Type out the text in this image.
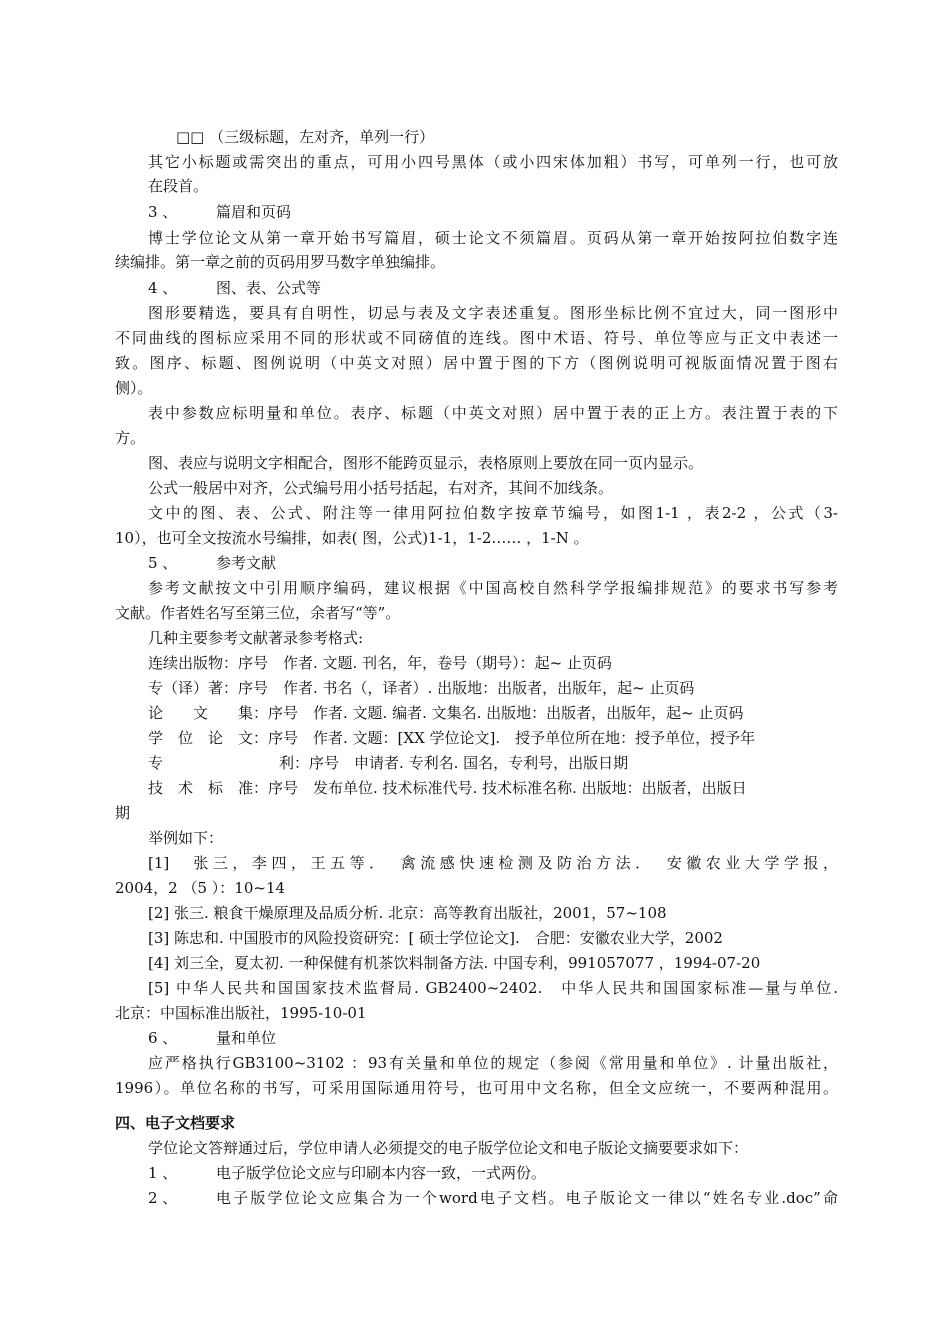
□□ （三级标题，左对齐，单列一行）
其它小标题或需突出的重点，可用小四号黑体（或小四宋体加粗）书写，可单列一行，也可放
在段首。
3 、	篇眉和页码
博士学位论文从第一章开始书写篇眉，硕士论文不须篇眉。页码从第一章开始按阿拉伯数字连
续编排。第一章之前的页码用罗马数字单独编排。
4 、	图、表、公式等
图形要精选，要具有自明性，切忌与表及文字表述重复。图形坐标比例不宜过大，同一图形中
不同曲线的图标应采用不同的形状或不同磅值的连线。图中术语、符号、单位等应与正文中表述一
致。图序、标题、图例说明（中英文对照）居中置于图的下方（图例说明可视版面情况置于图右
侧）。
表中参数应标明量和单位。表序、标题（中英文对照）居中置于表的正上方。表注置于表的下
方。
图、表应与说明文字相配合，图形不能跨页显示，表格原则上要放在同一页内显示。
公式一般居中对齐，公式编号用小括号括起，右对齐，其间不加线条。
文中的图、表、公式、附注等一律用阿拉伯数字按章节编号，如图1-1 ，表2-2 ，公式（3-
10），也可全文按流水号编排，如表( 图，公式)1-1，1-2…… ，1-N 。
5 、	参考文献
参考文献按文中引用顺序编码，建议根据《中国高校自然科学学报编排规范》的要求书写参考
文献。作者姓名写至第三位，余者写“等”。
几种主要参考文献著录参考格式:
连续出版物：序号　作者. 文题. 刊名，年，卷号（期号）：起~ 止页码
专（译）著：序号　作者. 书名（，译者）. 出版地：出版者，出版年，起~ 止页码
论　　文　　集：序号　作者. 文题. 编者. 文集名. 出版地：出版者，出版年，起~ 止页码
学　位　论　文：序号　作者. 文题：[XX 学位论文].　授予单位所在地：授予单位，授予年
专	利：序号　申请者. 专利名. 国名，专利号，出版日期
技　术　标　准：序号　发布单位. 技术标准代号. 技术标准名称. 出版地：出版者，出版日
期
举例如下：
[1]　张三，李四，王五等．　禽流感快速检测及防治方法．　安徽农业大学学报，
2004，2 （5 ）：10~14
[2] 张三. 粮食干燥原理及品质分析. 北京：高等教育出版社，2001，57~108
[3] 陈忠和. 中国股市的风险投资研究：[ 硕士学位论文].　合肥：安徽农业大学，2002
[4] 刘三全，夏太初. 一种保健有机茶饮料制备方法. 中国专利，991057077 ，1994-07-20
[5] 中华人民共和国国家技术监督局. GB2400~2402.　中华人民共和国国家标准—量与单位.
北京：中国标准出版社，1995-10-01
6 、	量和单位
应严格执行GB3100~3102 ：93有关量和单位的规定（参阅《常用量和单位》. 计量出版社，
1996）。单位名称的书写，可采用国际通用符号，也可用中文名称，但全文应统一，不要两种混用。
四、电子文档要求
学位论文答辩通过后，学位申请人必须提交的电子版学位论文和电子版论文摘要要求如下：
1 、	电子版学位论文应与印刷本内容一致，一式两份。
2 、	电子版学位论文应集合为一个word电子文档。电子版论文一律以“姓名专业.doc”命
